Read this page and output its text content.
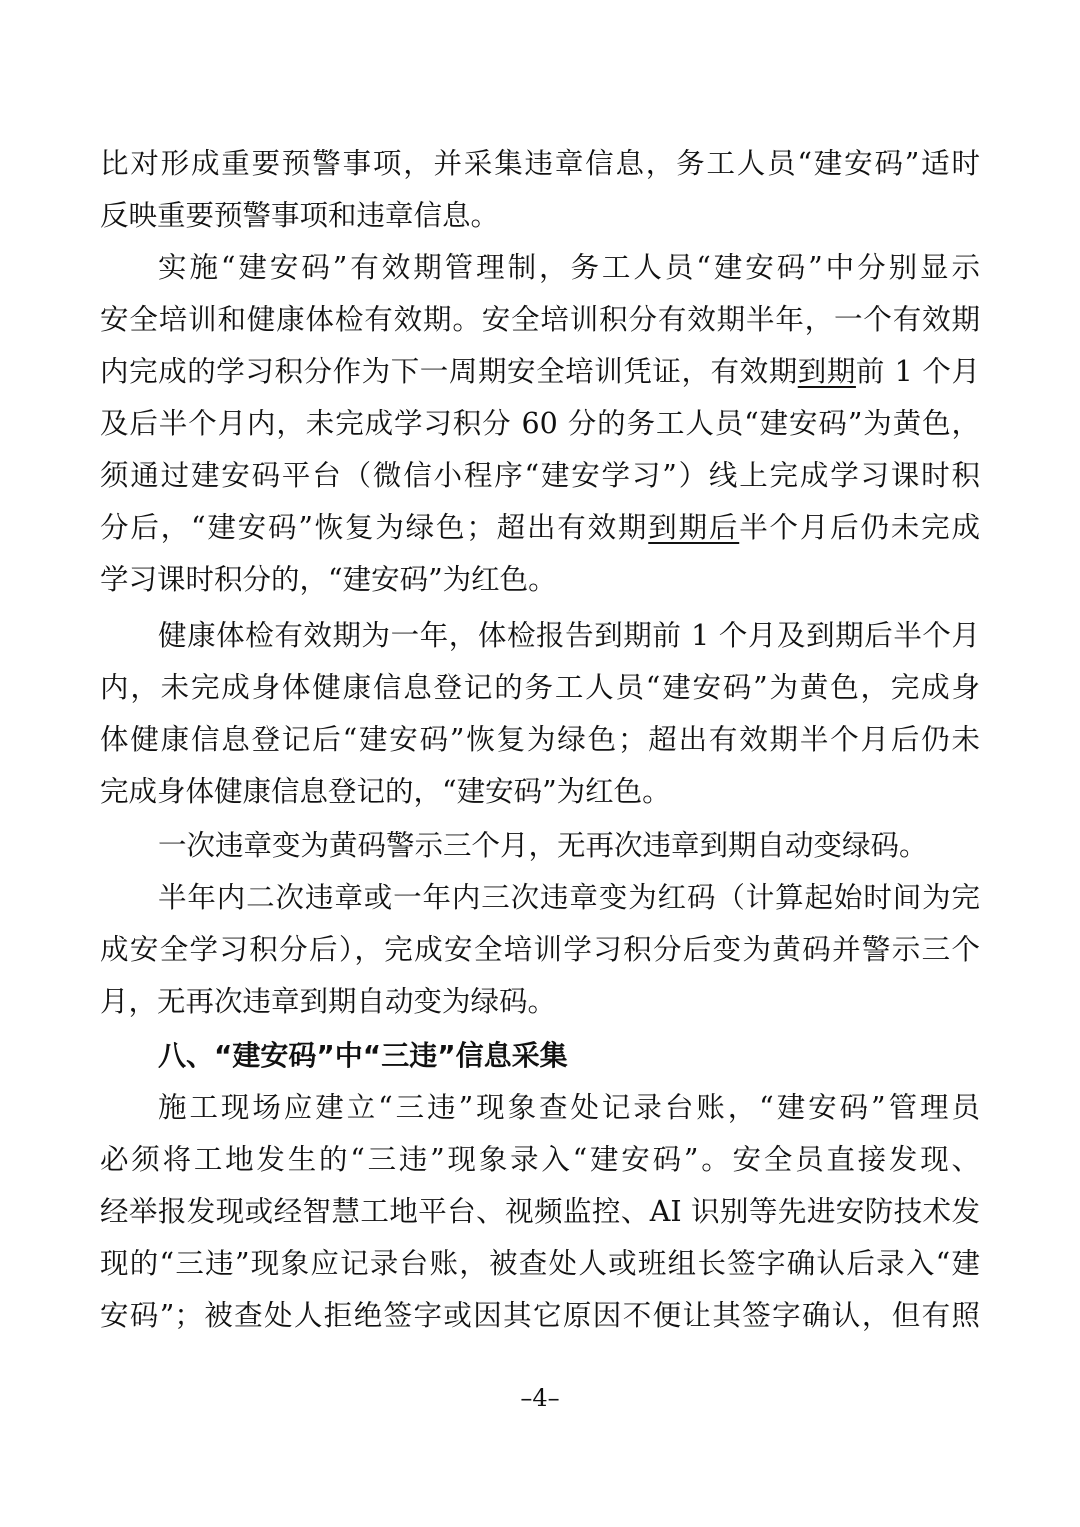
比对形成重要预警事项，并采集违章信息，务工人员“建安码”适时
反映重要预警事项和违章信息。
实施“建安码”有效期管理制，务工人员“建安码”中分别显示
安全培训和健康体检有效期。安全培训积分有效期半年，一个有效期
内完成的学习积分作为下一周期安全培训凭证，有效期到期前 1 个月
及后半个月内，未完成学习积分 60 分的务工人员“建安码”为黄色，
须通过建安码平台（微信小程序“建安学习”）线上完成学习课时积
分后，“建安码”恢复为绿色；超出有效期到期后半个月后仍未完成
学习课时积分的，“建安码”为红色。
健康体检有效期为一年，体检报告到期前 1 个月及到期后半个月
内，未完成身体健康信息登记的务工人员“建安码”为黄色，完成身
体健康信息登记后“建安码”恢复为绿色；超出有效期半个月后仍未
完成身体健康信息登记的，“建安码”为红色。
一次违章变为黄码警示三个月，无再次违章到期自动变绿码。
半年内二次违章或一年内三次违章变为红码（计算起始时间为完
成安全学习积分后），完成安全培训学习积分后变为黄码并警示三个
月，无再次违章到期自动变为绿码。
八、“建安码”中“三违”信息采集
施工现场应建立“三违”现象查处记录台账，“建安码”管理员
必须将工地发生的“三违”现象录入“建安码”。安全员直接发现、
经举报发现或经智慧工地平台、视频监控、AI 识别等先进安防技术发
现的“三违”现象应记录台账，被查处人或班组长签字确认后录入“建
安码”；被查处人拒绝签字或因其它原因不便让其签字确认，但有照
–4–
